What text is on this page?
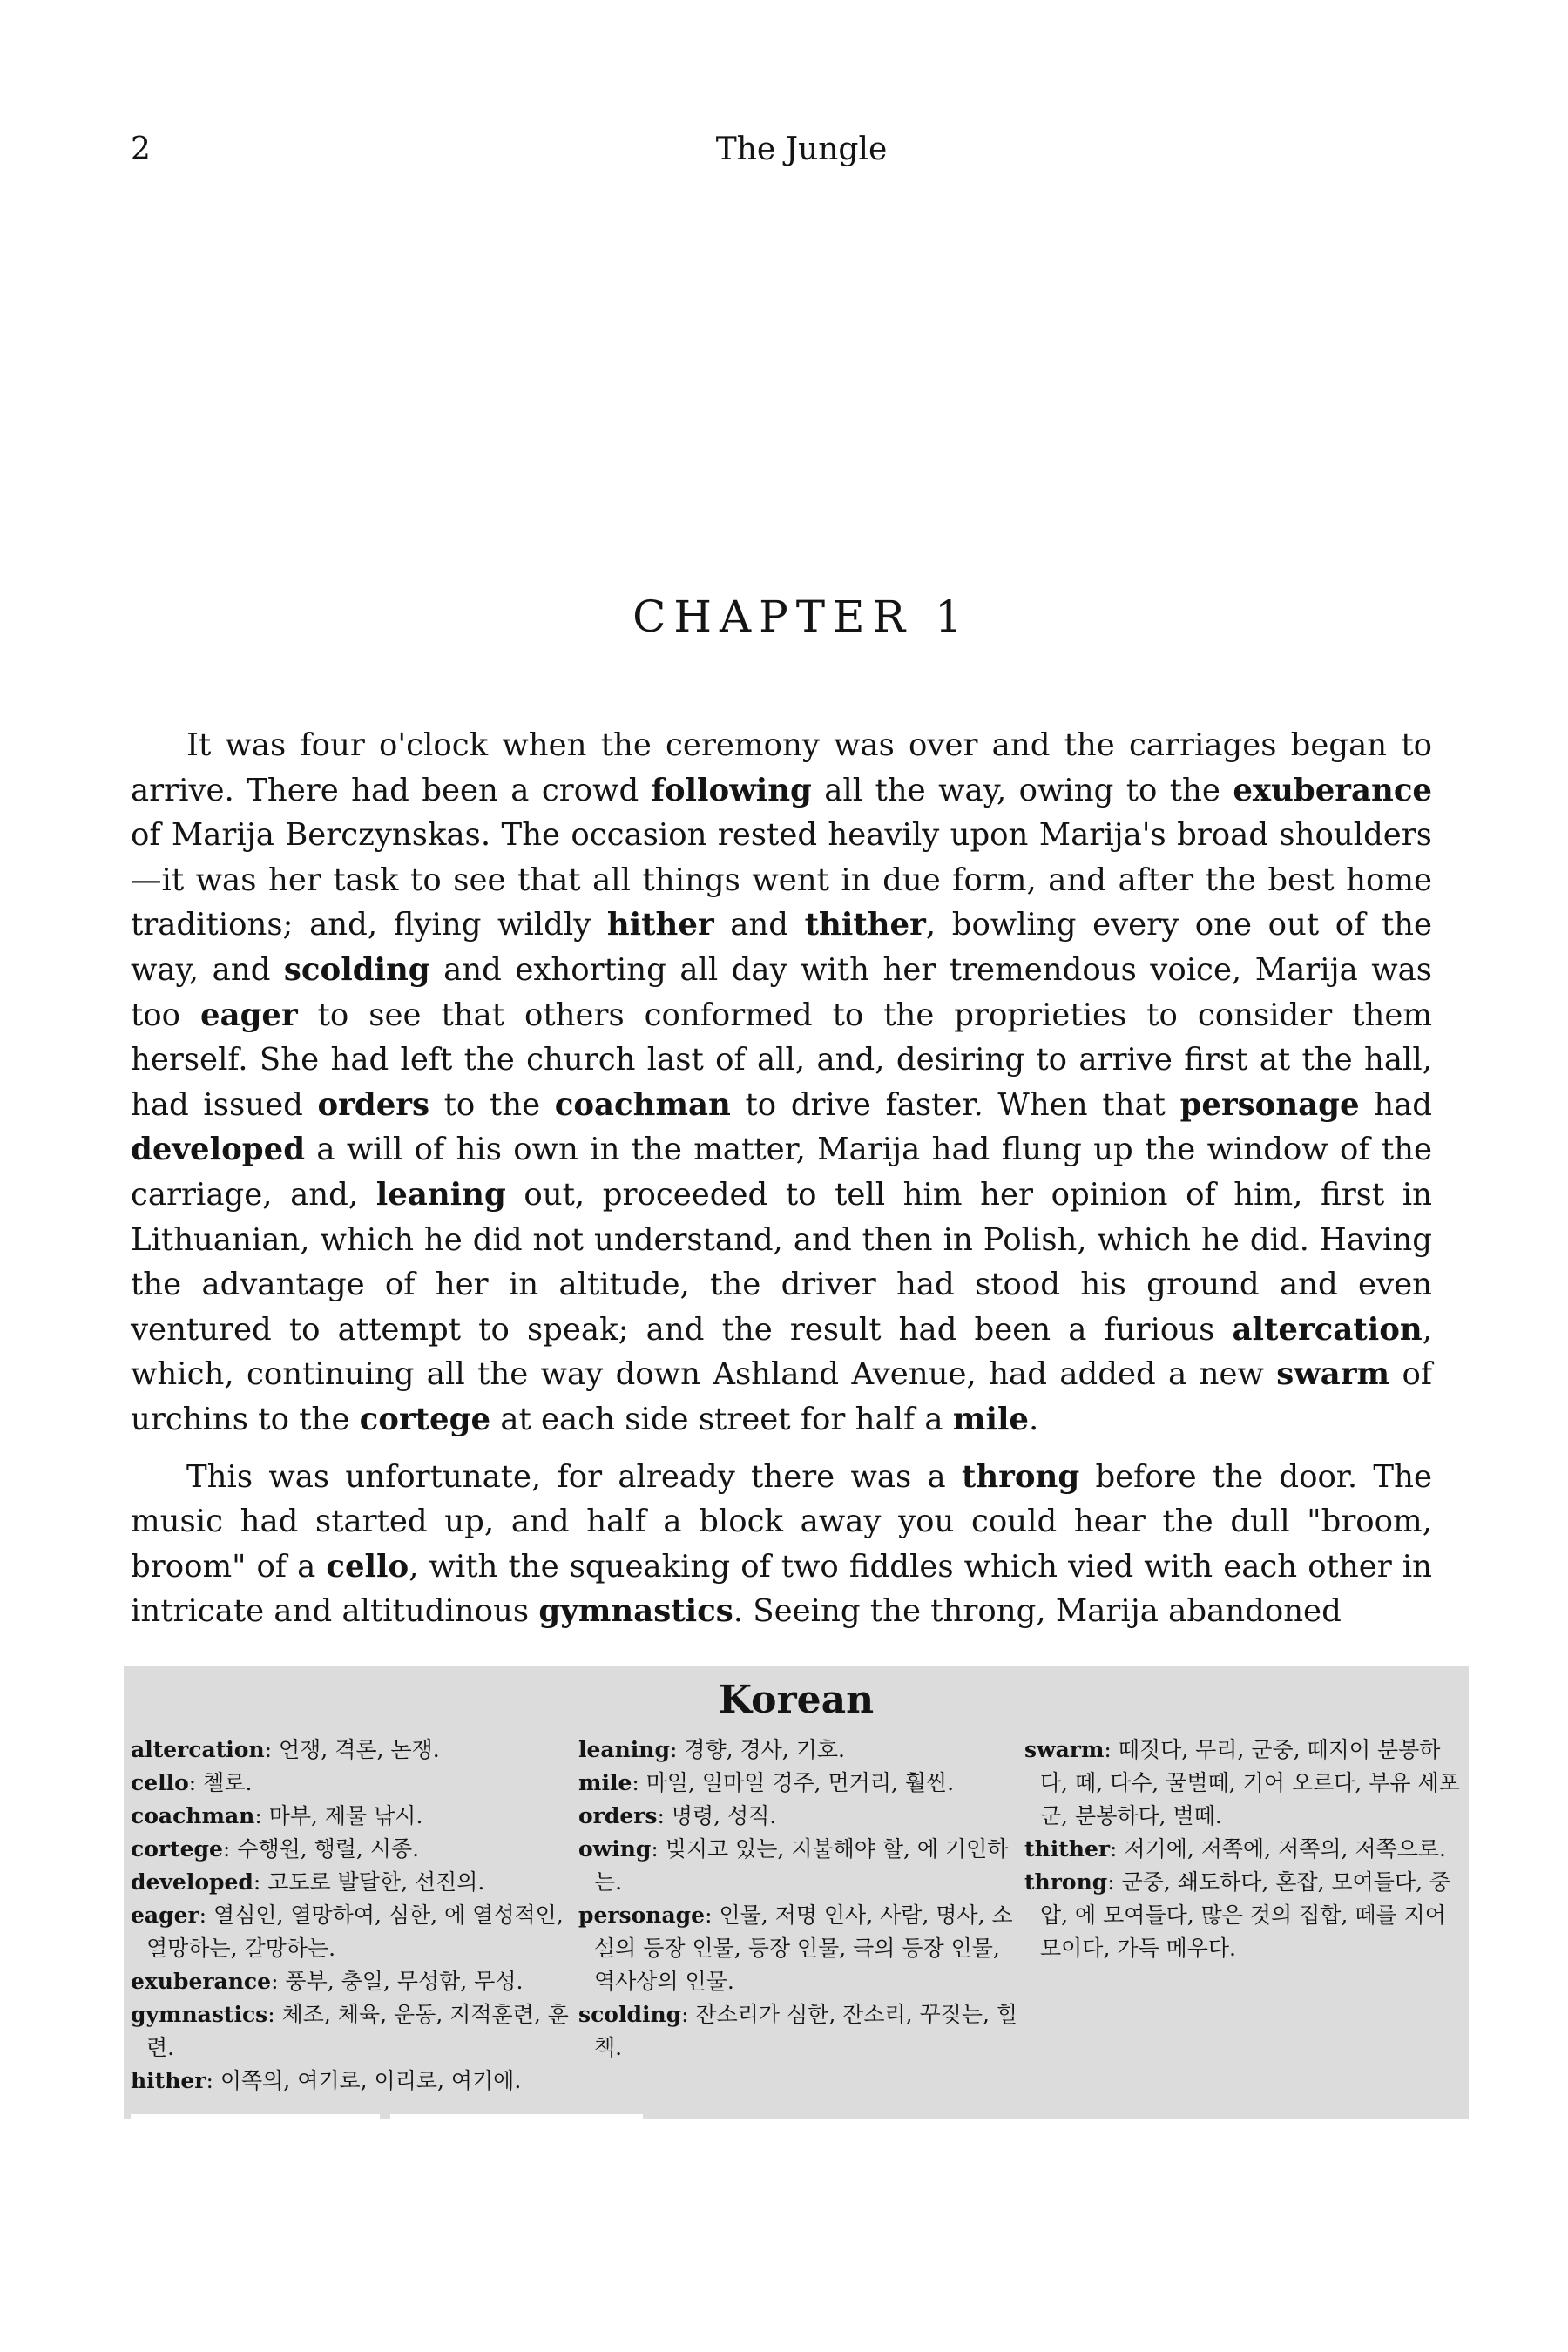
2	The Jungle
CHAPTER 1

It was four o'clock when the ceremony was over and the carriages began to arrive. There had been a crowd following all the way, owing to the exuberance of Marija Berczynskas. The occasion rested heavily upon Marija's broad shoulders—it was her task to see that all things went in due form, and after the best home traditions; and, flying wildly hither and thither, bowling every one out of the way, and scolding and exhorting all day with her tremendous voice, Marija was too eager to see that others conformed to the proprieties to consider them herself. She had left the church last of all, and, desiring to arrive first at the hall, had issued orders to the coachman to drive faster. When that personage had developed a will of his own in the matter, Marija had flung up the window of the carriage, and, leaning out, proceeded to tell him her opinion of him, first in Lithuanian, which he did not understand, and then in Polish, which he did. Having the advantage of her in altitude, the driver had stood his ground and even ventured to attempt to speak; and the result had been a furious altercation, which, continuing all the way down Ashland Avenue, had added a new swarm of urchins to the cortege at each side street for half a mile.

This was unfortunate, for already there was a throng before the door. The music had started up, and half a block away you could hear the dull "broom, broom" of a cello, with the squeaking of two fiddles which vied with each other in intricate and altitudinous gymnastics. Seeing the throng, Marija abandoned

Korean
altercation: 언쟁, 격론, 논쟁.
cello: 첼로.
coachman: 마부, 제물 낚시.
cortege: 수행원, 행렬, 시종.
developed: 고도로 발달한, 선진의.
eager: 열심인, 열망하여, 심한, 에 열성적인, 열망하는, 갈망하는.
exuberance: 풍부, 충일, 무성함, 무성.
gymnastics: 체조, 체육, 운동, 지적훈련, 훈련.
hither: 이쪽의, 여기로, 이리로, 여기에.
leaning: 경향, 경사, 기호.
mile: 마일, 일마일 경주, 먼거리, 훨씬.
orders: 명령, 성직.
owing: 빚지고 있는, 지불해야 할, 에 기인하는.
personage: 인물, 저명 인사, 사람, 명사, 소설의 등장 인물, 등장 인물, 극의 등장 인물, 역사상의 인물.
scolding: 잔소리가 심한, 잔소리, 꾸짖는, 힐책.
swarm: 떼짓다, 무리, 군중, 떼지어 분봉하다, 떼, 다수, 꿀벌떼, 기어 오르다, 부유 세포군, 분봉하다, 벌떼.
thither: 저기에, 저쪽에, 저쪽의, 저쪽으로.
throng: 군중, 쇄도하다, 혼잡, 모여들다, 중압, 에 모여들다, 많은 것의 집합, 떼를 지어 모이다, 가득 메우다.
